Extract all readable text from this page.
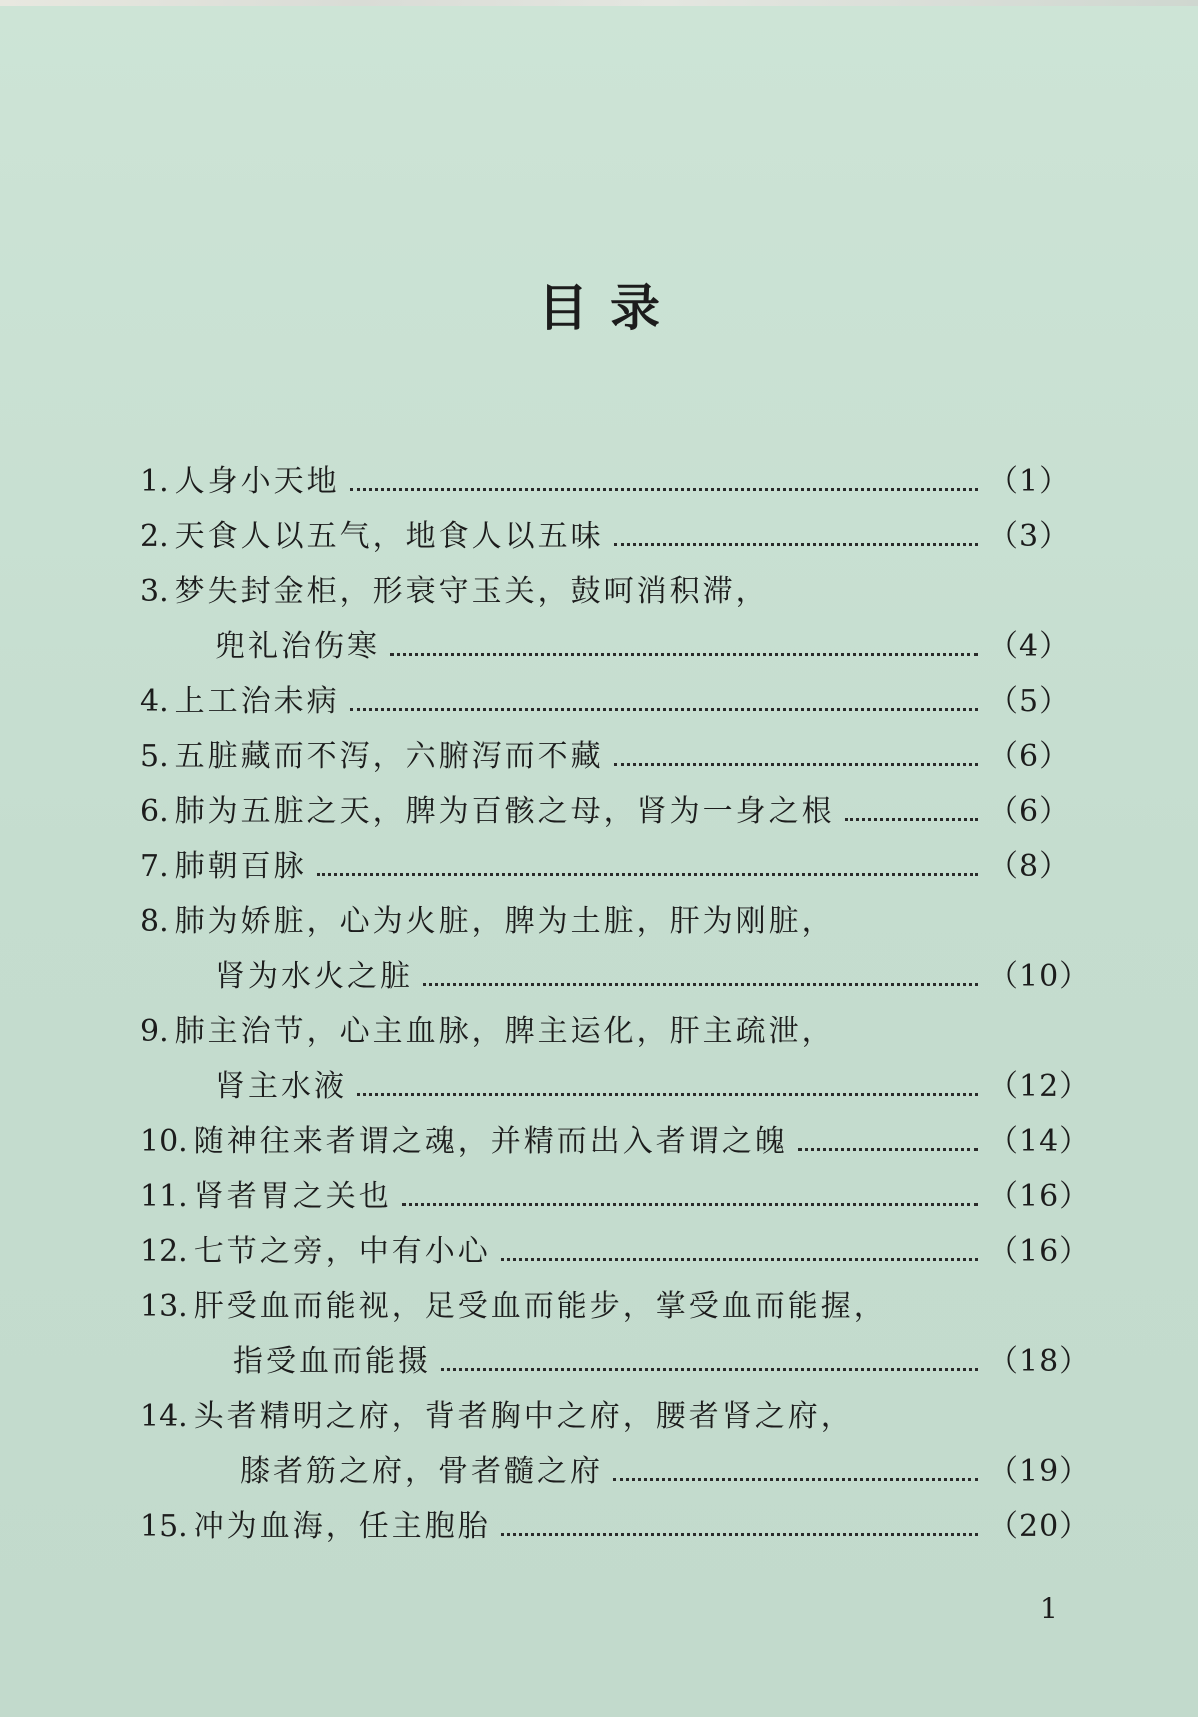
目录
1. 人身小天地	（1）
2. 天食人以五气，地食人以五味	（3）
3. 梦失封金柜，形衰守玉关，鼓呵消积滞，
兜礼治伤寒	（4）
4. 上工治未病	（5）
5. 五脏藏而不泻，六腑泻而不藏	（6）
6. 肺为五脏之天，脾为百骸之母，肾为一身之根	（6）
7. 肺朝百脉	（8）
8. 肺为娇脏，心为火脏，脾为土脏，肝为刚脏，
肾为水火之脏	（10）
9. 肺主治节，心主血脉，脾主运化，肝主疏泄，
肾主水液	（12）
10. 随神往来者谓之魂，并精而出入者谓之魄	（14）
11. 肾者胃之关也	（16）
12. 七节之旁，中有小心	（16）
13. 肝受血而能视，足受血而能步，掌受血而能握，
指受血而能摄	（18）
14. 头者精明之府，背者胸中之府，腰者肾之府，
膝者筋之府，骨者髓之府	（19）
15. 冲为血海，任主胞胎	（20）
1
